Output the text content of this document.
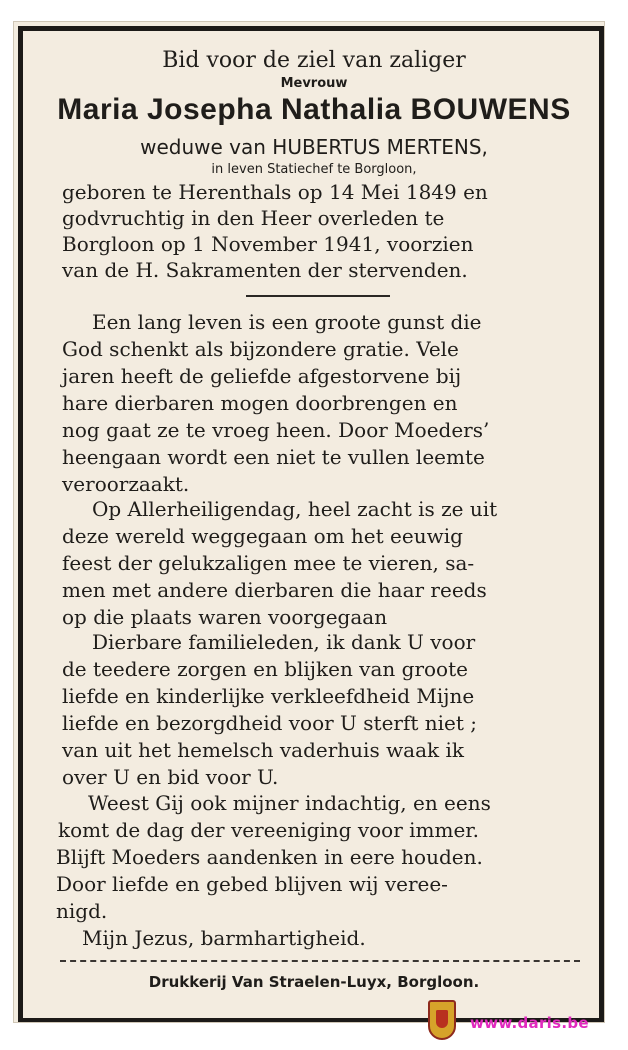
Bid voor de ziel van zaliger
Mevrouw
Maria Josepha Nathalia BOUWENS
weduwe van HUBERTUS MERTENS,
in leven Statiechef te Borgloon,
geboren te Herenthals op 14 Mei 1849 en
godvruchtig in den Heer overleden te
Borgloon op 1 November 1941, voorzien
van de H. Sakramenten der stervenden.
Een lang leven is een groote gunst die
God schenkt als bijzondere gratie. Vele
jaren heeft de geliefde afgestorvene bij
hare dierbaren mogen doorbrengen en
nog gaat ze te vroeg heen. Door Moeders’
heengaan wordt een niet te vullen leemte
veroorzaakt.
Op Allerheiligendag, heel zacht is ze uit
deze wereld weggegaan om het eeuwig
feest der gelukzaligen mee te vieren, sa-
men met andere dierbaren die haar reeds
op die plaats waren voorgegaan
Dierbare familieleden, ik dank U voor
de teedere zorgen en blijken van groote
liefde en kinderlijke verkleefdheid Mijne
liefde en bezorgdheid voor U sterft niet ;
van uit het hemelsch vaderhuis waak ik
over U en bid voor U.
Weest Gij ook mijner indachtig, en eens
komt de dag der vereeniging voor immer.
Blijft Moeders aandenken in eere houden.
Door liefde en gebed blijven wij veree-
nigd.
Mijn Jezus, barmhartigheid.
Drukkerij Van Straelen-Luyx, Borgloon.
www.daris.be
